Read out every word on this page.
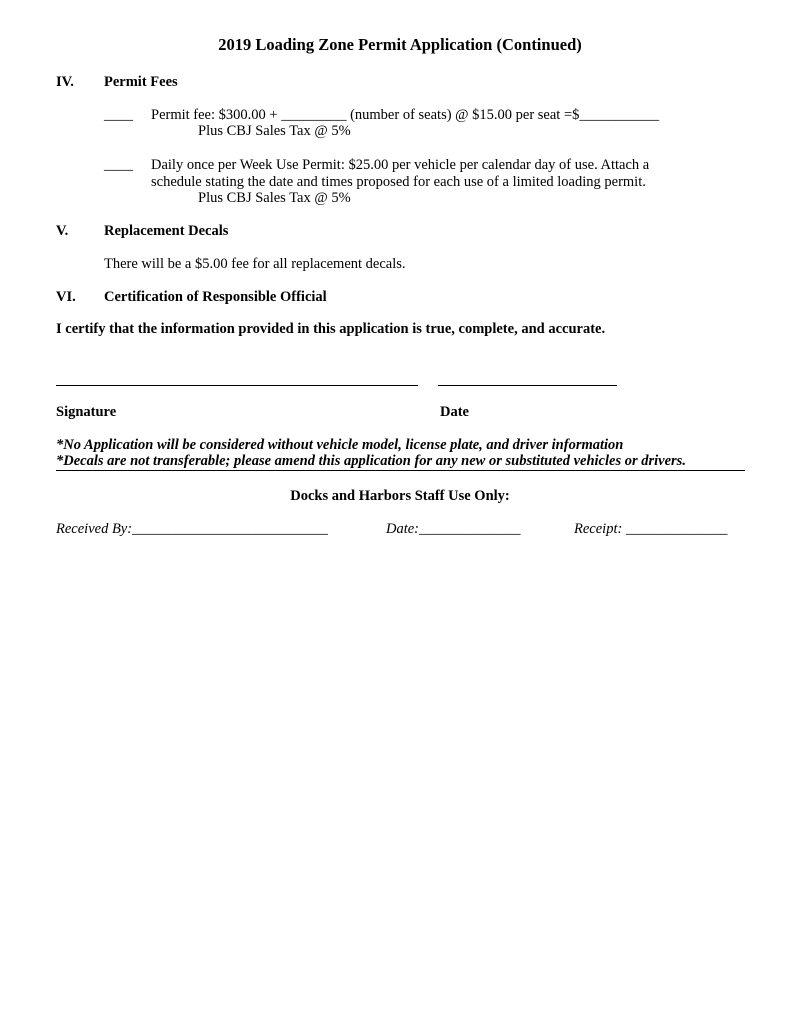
2019 Loading Zone Permit Application (Continued)
IV. Permit Fees
____ Permit fee: $300.00 + _________ (number of seats) @ $15.00 per seat =$___________
Plus CBJ Sales Tax @ 5%
____ Daily once per Week Use Permit: $25.00 per vehicle per calendar day of use. Attach a
schedule stating the date and times proposed for each use of a limited loading permit.
Plus CBJ Sales Tax @ 5%
V. Replacement Decals
There will be a $5.00 fee for all replacement decals.
VI. Certification of Responsible Official
I certify that the information provided in this application is true, complete, and accurate.
Signature	Date
*No Application will be considered without vehicle model, license plate, and driver information
*Decals are not transferable; please amend this application for any new or substituted vehicles or drivers.
Docks and Harbors Staff Use Only:
Received By:___________________________	Date:______________	Receipt: ______________
